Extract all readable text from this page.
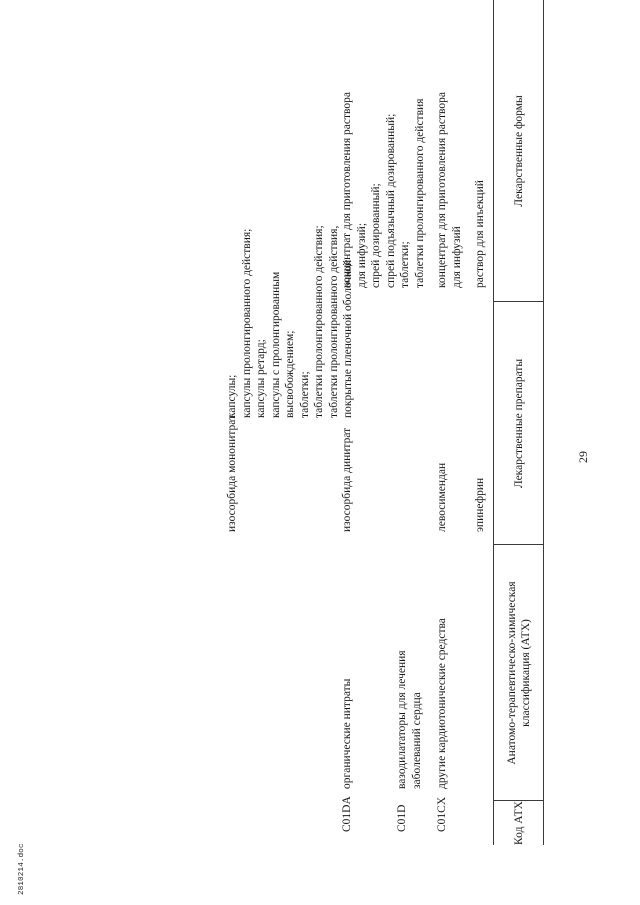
29
2810214.doc
Код АТХ
Анатомо-терапевтическо-химическая классификация (АТХ)
Лекарственные препараты
Лекарственные формы
эпинефрин
раствор для инъекций
C01CX
другие кардиотонические средства
левосимендан
концентрат для приготовления раствора
для инфузий
C01D
вазодилататоры для лечения
заболеваний сердца
C01DA
органические нитраты
изосорбида динитрат
концентрат для приготовления раствора
для инфузий;
спрей дозированный;
спрей подъязычный дозированный;
таблетки;
таблетки пролонгированного действия
изосорбида мононитрат
капсулы;
капсулы пролонгированного действия;
капсулы ретард;
капсулы с пролонгированным
высвобождением;
таблетки;
таблетки пролонгированного действия;
таблетки пролонгированного действия,
покрытые пленочной оболочкой
